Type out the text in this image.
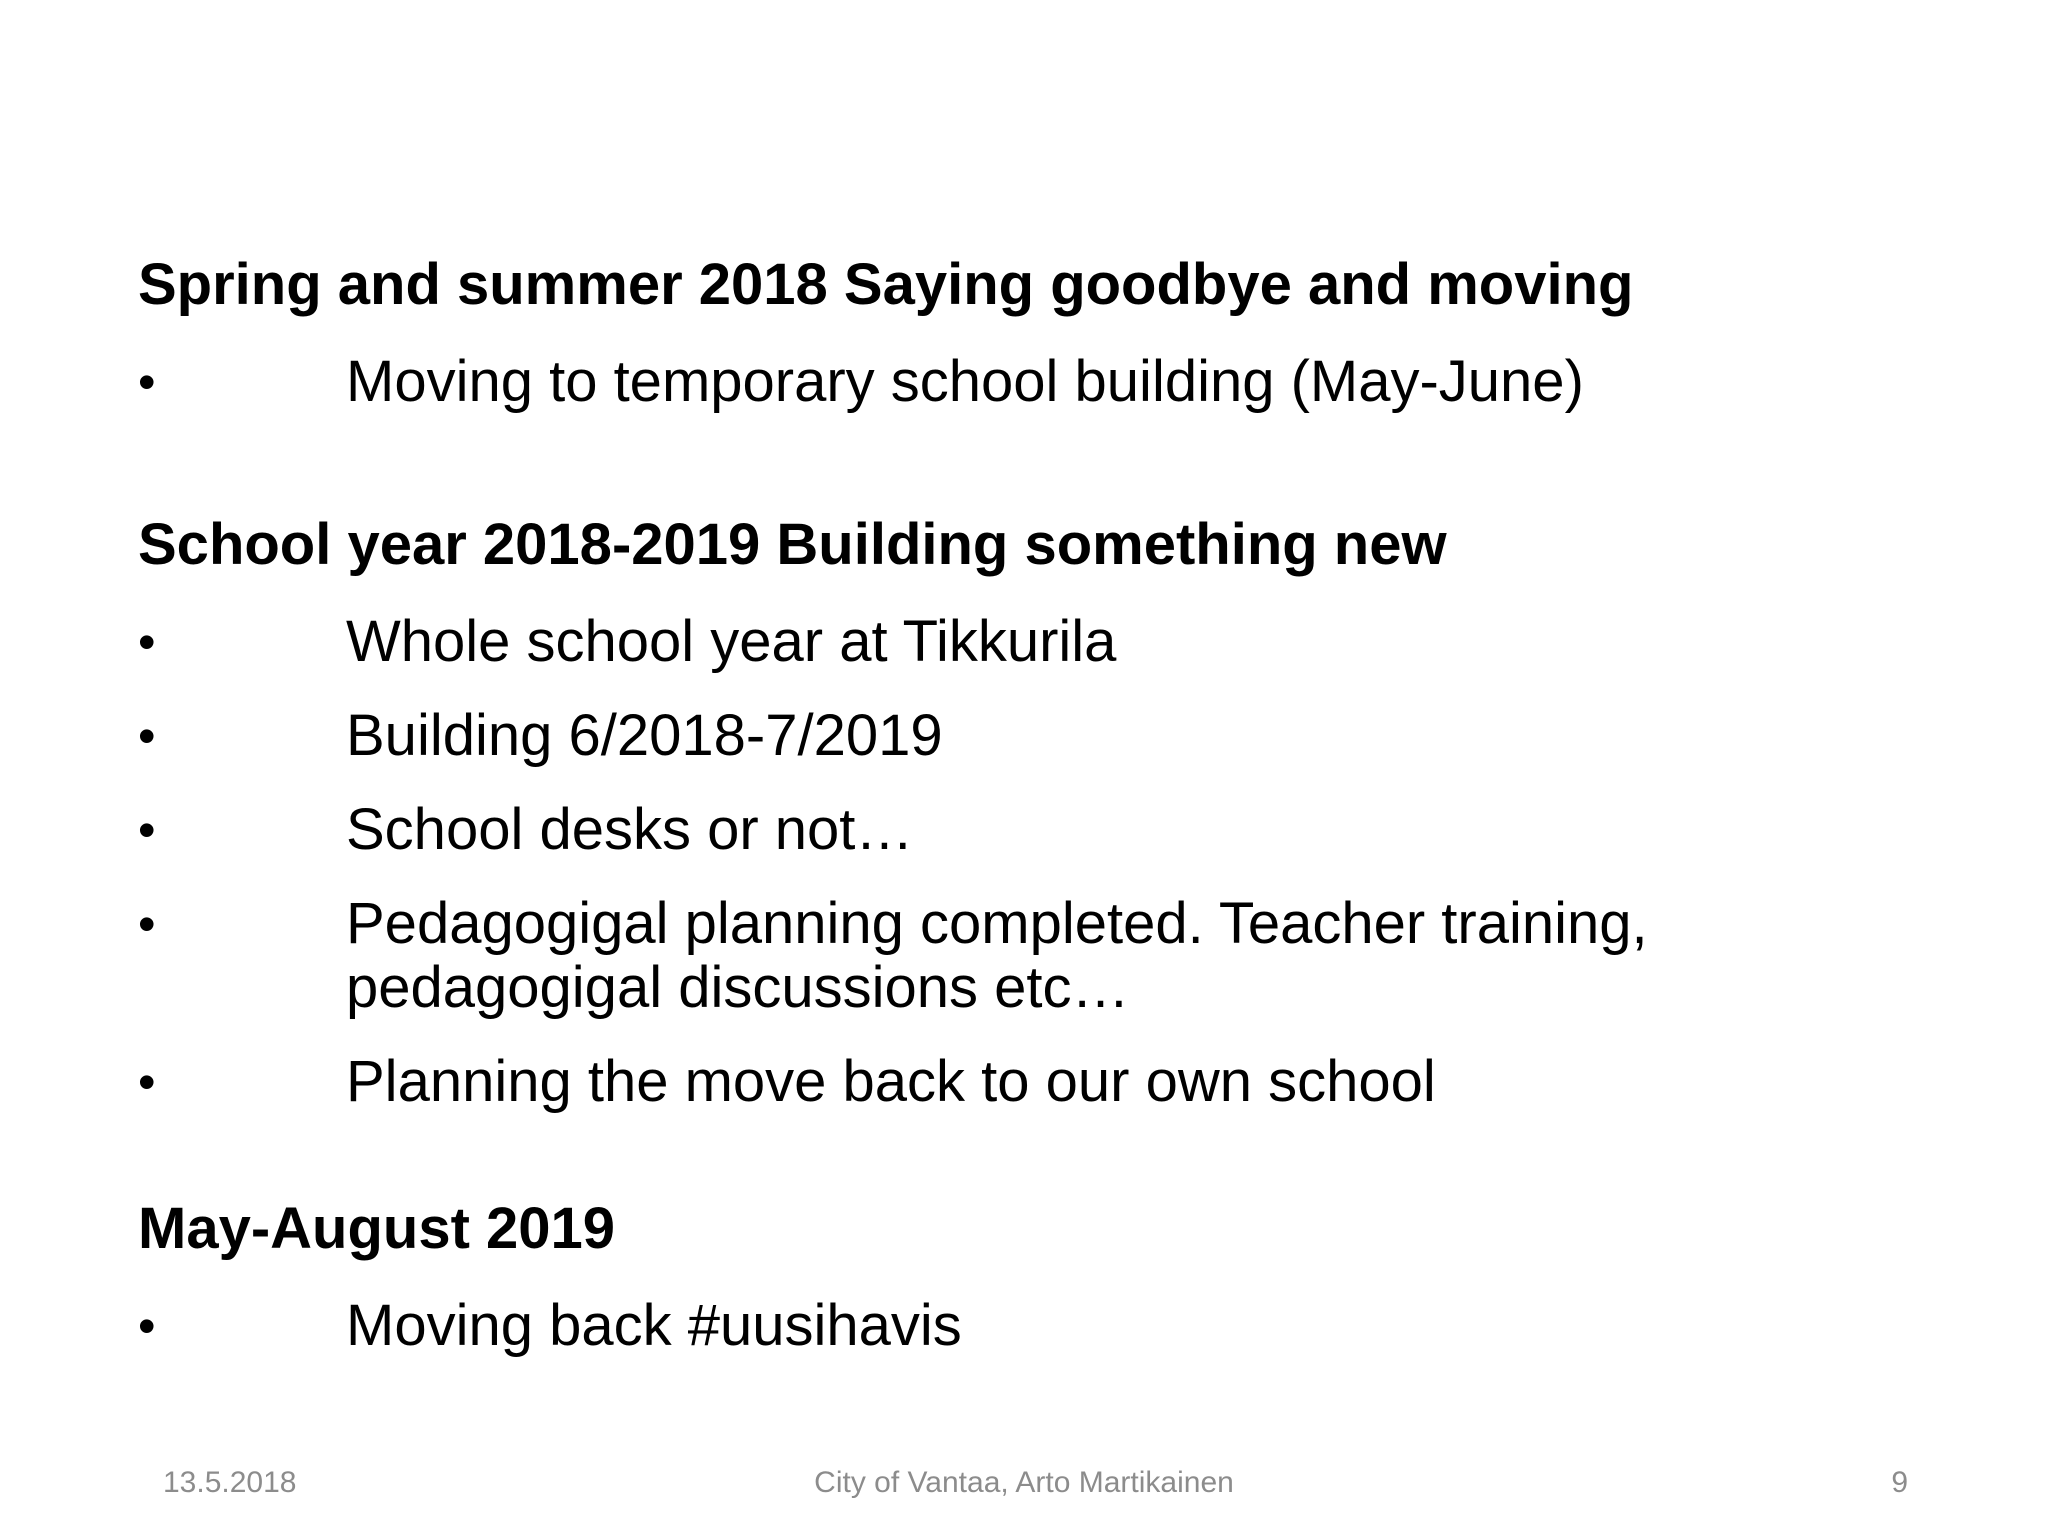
Spring and summer 2018 Saying goodbye and moving
•	Moving to temporary school building (May-June)
School year 2018-2019 Building something new
•	Whole school year at Tikkurila
•	Building 6/2018-7/2019
•	School desks or not…
•	Pedagogigal planning completed. Teacher training, pedagogigal discussions etc…
•	Planning the move back to our own school
May-August 2019
•	Moving back #uusihavis
13.5.2018	City of Vantaa, Arto Martikainen	9
